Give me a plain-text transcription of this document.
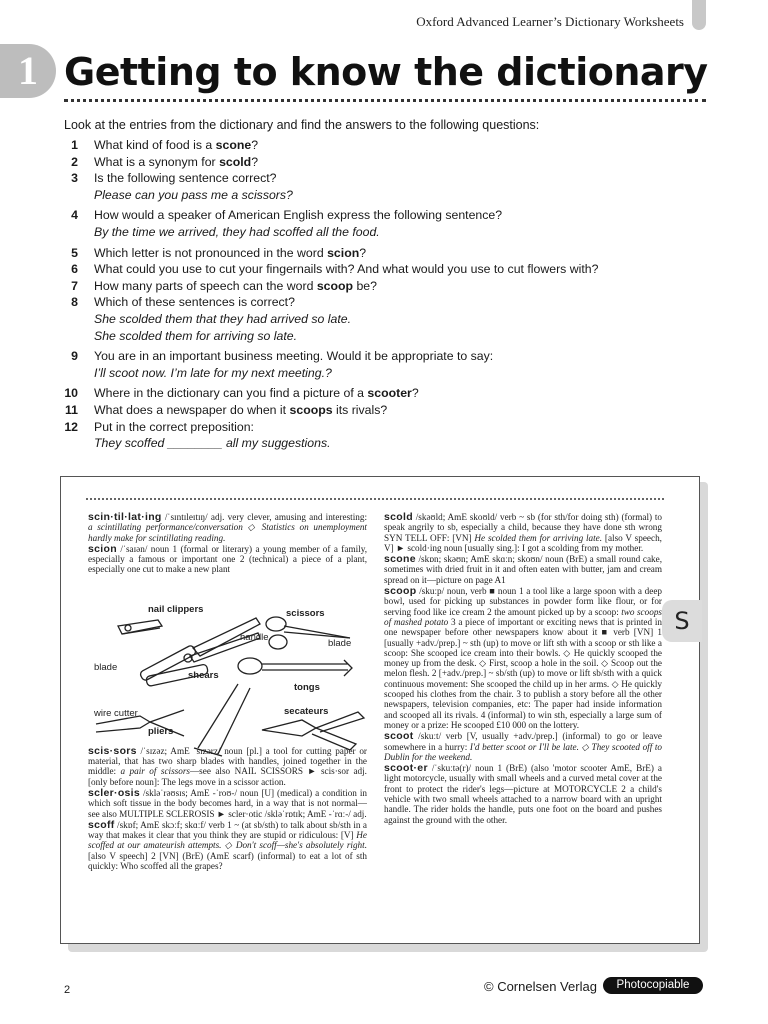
Oxford Advanced Learner’s Dictionary Worksheets
1 Getting to know the dictionary
Look at the entries from the dictionary and find the answers to the following questions:
1	What kind of food is a scone?
2	What is a synonym for scold?
3	Is the following sentence correct?
Please can you pass me a scissors?
4	How would a speaker of American English express the following sentence?
By the time we arrived, they had scoffed all the food.
5	Which letter is not pronounced in the word scion?
6	What could you use to cut your fingernails with? And what would you use to cut flowers with?
7	How many parts of speech can the word scoop be?
8	Which of these sentences is correct?
She scolded them that they had arrived so late.
She scolded them for arriving so late.
9	You are in an important business meeting. Would it be appropriate to say:
I’ll scoot now. I’m late for my next meeting.?
10	Where in the dictionary can you find a picture of a scooter?
11	What does a newspaper do when it scoops its rivals?
12	Put in the correct preposition:
They scoffed ________ all my suggestions.
S
scin·til·lat·ing /ˈsɪntɪleɪtɪŋ/ adj. very clever, amusing and interesting: a scintillating performance/conversation ◇ Statistics on unemployment hardly make for scintillating reading.
scion /ˈsaɪən/ noun 1 (formal or literary) a young member of a family, especially a famous or important one 2 (technical) a piece of a plant, especially one cut to make a new plant
scis·sors /ˈsɪzəz; AmE ˈsɪzərz/ noun [pl.] a tool for cutting paper or material, that has two sharp blades with handles, joined together in the middle: a pair of scissors—see also NAIL SCISSORS ► scis·sor adj. [only before noun]: The legs move in a scissor action.
scler·osis /skləˈrəʊsɪs; AmE -ˈroʊ-/ noun [U] (medical) a condition in which soft tissue in the body becomes hard, in a way that is not normal—see also MULTIPLE SCLEROSIS ► scler·otic /skləˈrɒtɪk; AmE -ˈrɑː-/ adj.
scoff /skɒf; AmE skɔːf; skɑːf/ verb 1 ~ (at sb/sth) to talk about sb/sth in a way that makes it clear that you think they are stupid or ridiculous: [V] He scoffed at our amateurish attempts. ◇ Don't scoff—she's absolutely right. [also V speech] 2 [VN] (BrE) (AmE scarf) (informal) to eat a lot of sth quickly: Who scoffed all the grapes?
scold /skəʊld; AmE skoʊld/ verb ~ sb (for sth/for doing sth) (formal) to speak angrily to sb, especially a child, because they have done sth wrong SYN TELL OFF: [VN] He scolded them for arriving late. [also V speech, V] ► scold·ing noun [usually sing.]: I got a scolding from my mother.
scone /skɒn; skəʊn; AmE skɑːn; skoʊn/ noun (BrE) a small round cake, sometimes with dried fruit in it and often eaten with butter, jam and cream spread on it—picture on page A1
scoop /skuːp/ noun, verb ■ noun 1 a tool like a large spoon with a deep bowl, used for picking up substances in powder form like flour, or for serving food like ice cream 2 the amount picked up by a scoop: two scoops of mashed potato 3 a piece of important or exciting news that is printed in one newspaper before other newspapers know about it ■ verb [VN] 1 [usually +adv./prep.] ~ sth (up) to move or lift sth with a scoop or sth like a scoop: She scooped ice cream into their bowls. ◇ He quickly scooped the money up from the desk. ◇ First, scoop a hole in the soil. ◇ Scoop out the melon flesh. 2 [+adv./prep.] ~ sb/sth (up) to move or lift sb/sth with a quick continuous movement: She scooped the child up in her arms. ◇ He quickly scooped his clothes from the chair. 3 to publish a story before all the other newspapers, television companies, etc: The paper had inside information and scooped all its rivals. 4 (informal) to win sth, especially a large sum of money or a prize: He scooped £10 000 on the lottery.
scoot /skuːt/ verb [V, usually +adv./prep.] (informal) to go or leave somewhere in a hurry: I'd better scoot or I'll be late. ◇ They scooted off to Dublin for the weekend.
scoot·er /ˈskuːtə(r)/ noun 1 (BrE) (also 'motor scooter AmE, BrE) a light motorcycle, usually with small wheels and a curved metal cover at the front to protect the rider's legs—picture at MOTORCYCLE 2 a child's vehicle with two small wheels attached to a narrow board with an upright handle. The rider holds the handle, puts one foot on the board and pushes against the ground with the other.
nail clippers	scissors
handle
blade
blade
shears
tongs
wire cutter
pliers
secateurs
2	© Cornelsen Verlag	Photocopiable
